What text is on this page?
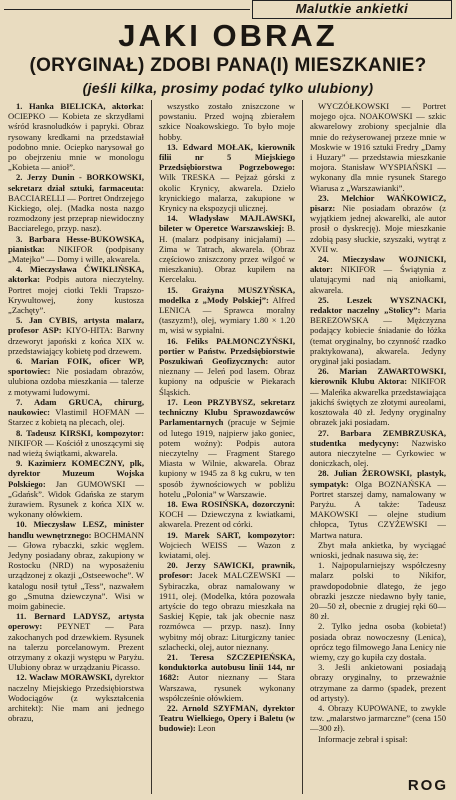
Malutkie ankietki
JAKI OBRAZ
(ORYGINAŁ) ZDOBI PANA(I) MIESZKANIE?
(jeśli kilka, prosimy podać tylko ulubiony)

1. Hanka BIELICKA, aktorka: OCIEPKO — Kobieta ze skrzydłami wśród krasnoludków i papryki. Obraz rysowany kredkami na przedstawiał podobno mnie. Ociepko narysował go po obejrzeniu mnie w monologu „Kobieta — anioł”.

2. Jerzy Dunin - BORKOWSKI, sekretarz dział sztuki, farmaceuta: BACCIARELLI — Portret Ondrzejego Kickiego, olej. (Madka nosta nazgo rozmodzony jest przeprap niewidoczny Bacciarelego, przyp. nasz).

3. Barbara Hesse-BUKOWSKA, pianistka: NIKIFOR (podpisany „Matejko” — Domy i wille, akwarela.

4. Mieczysława ĆWIKLIŃSKA, aktorka: Podpis autora nieczytelny. Portret mojej ciotki Tekli Trapszo-Krywultowej, żony kustosza „Zachęty”.

5. Jan CYBIS, artysta malarz, profesor ASP: KIYO-HITA: Barwny drzeworyt japoński z końca XIX w. przedstawiający kobietę pod drzewem.

6. Marian FOIK, oficer WP, sportowiec: Nie posiadam obrazów, ulubiona ozdoba mieszkania — talerze z motywami ludowymi.

7. Adam GRUCA, chirurg, naukowiec: Vlastimil HOFMAN — Starzec z kobietą na plecach, olej.

8. Tadeusz KIRSKI, kompozytor: NIKIFOR — Kościół z unoszącymi się nad wieżą świątkami, akwarela.

9. Kazimierz KOMECZNY, plk, dyrektor Muzeum Wojska Polskiego: Jan GUMOWSKI — „Gdańsk”. Widok Gdańska ze starym żurawiem. Rysunek z końca XIX w. wykonany ołówkiem.

10. Mieczysław LESZ, minister handlu wewnętrznego: BOCHMANN — Głowa rybaczki, szkic węglem. Jedyny posiadany obraz, zakupiony w Rostocku (NRD) na wyposażeniu urządzonej z okazji „Ostseewoche”. W katalogu nosił tytuł „Tess”, nazwałem go „Smutna dziewczyna”. Wisi w moim gabinecie.

11. Bernard LADYSZ, artysta operowy: PEYNET — Para zakochanych pod drzewkiem. Rysunek na talerzu porcelanowym. Prezent otrzymany z okazji występu w Paryżu. Ulubiony obraz w urządzaniu Picasso.

12. Wacław MORAWSKI, dyrektor naczelny Miejskiego Przedsiębiorstwa Wodociągów (z wykształcenia architekt): Nie mam ani jednego obrazu,

wszystko zostało zniszczone w powstaniu. Przed wojną zbierałem szkice Noakowskiego. To było moje hobby.

13. Edward MOŁAK, kierownik filii nr 5 Miejskiego Przedsiębiorstwa Pogrzebowego: Wilk TRESKA — Pejzaż górski z okolic Krynicy, akwarela. Dzieło krynickiego malarza, zakupione w Krynicy na ekspozycji ulicznej.

14. Władysław MAJLAWSKI, bileter w Operetce Warszawskiej: B. H. (malarz podpisany inicjałami) — Zima w Tatrach, akwarela. (Obraz częściowo zniszczony przez wilgoć w mieszkaniu). Obraz kupiłem na Kercelaku.

15. Grażyna MUSZYŃSKA, modelka z „Mody Polskiej”: Alfred LENICA — Sprawca moralny (taszyzm!), olej, wymiary 1.80 × 1.20 m, wisi w sypialni.

16. Feliks PAŁMONCZYŃSKI, portier w Państw. Przedsiębiorstwie Poszukiwań Geofizycznych: autor nieznany — Jeleń pod lasem. Obraz kupiony na odpuście w Piekarach Śląskich.

17. Leon PRZYBYSZ, sekretarz techniczny Klubu Sprawozdawców Parlamentarnych (pracuje w Sejmie od lutego 1919, najpierw jako goniec, potem woźny): Podpis autora nieczytelny — Fragment Starego Miasta w Wilnie, akwarela. Obraz kupiony w 1945 za 8 kg cukru, w ten sposób żywnościowych w pobliżu hotelu „Polonia” w Warszawie.

18. Ewa ROSIŃSKA, dozorczyni: KOCH — Dziewczyna z kwiatkami, akwarela. Prezent od córki.

19. Marek SART, kompozytor: Wojciech WEISS — Wazon z kwiatami, olej.

20. Jerzy SAWICKI, prawnik, profesor: Jacek MALCZEWSKI — Sybiraczka, obraz namalowany w 1911, olej. (Modelka, która pozowała artyście do tego obrazu mieszkała na Saskiej Kępie, tak jak obecnie nasz rozmówca — przyp. nasz). Inny wybitny mój obraz: Liturgiczny taniec szlachecki, olej, autor nieznany.

21. Teresa SZCZEPIEŃSKA, konduktorka autobusu linii 144, nr 1682: Autor nieznany — Stara Warszawa, rysunek wykonany współcześnie ołówkiem.

22. Arnold SZYFMAN, dyrektor Teatru Wielkiego, Opery i Baletu (w budowie): Leon

WYCZÓŁKOWSKI — Portret mojego ojca. NOAKOWSKI — szkic akwarelowy zrobiony specjalnie dla mnie do reżyserowanej przeze mnie w Moskwie w 1916 sztuki Fredry „Damy i Huzary” — przedstawia mieszkanie mojora. Stanisław WYSPIAŃSKI — wykonany dla mnie rysunek Starego Wiarusa z „Warszawianki”.

23. Melchior WAŃKOWICZ, pisarz: Nie posiadam obrazów (z wyjątkiem jednej akwarelki, ale autor prosił o dyskrecję). Moje mieszkanie zdobią pasy słuckie, szyszaki, wytrąt z XVII w.

24. Mieczysław WOJNICKI, aktor: NIKIFOR — Świątynia z ulatującymi nad nią aniołkami, akwarela.

25. Leszek WYSZNACKI, redaktor naczelny „Stolicy”: Maria BEREZOWSKA — Mężczyzna podający kobiecie śniadanie do łóżka (temat oryginalny, bo czynność rzadko praktykowana), akwarela. Jedyny oryginał jaki posiadam.

26. Marian ZAWARTOWSKI, kierownik Klubu Aktora: NIKIFOR — Maleńka akwarelka przedstawiająca jakichś świętych ze złotymi aureolami, kosztowała 40 zł. Jedyny oryginalny obrazek jaki posiadam.

27. Barbara ZEMBRZUSKA, studentka medycyny: Nazwisko autora nieczytelne — Cyrkowiec w doniczkach, olej.

28. Julian ŻEROWSKI, plastyk, sympatyk: Olga BOZNAŃSKA — Portret starszej damy, namalowany w Paryżu. A także: Tadeusz MAKOWSKI — olejne studium chłopca, Tytus CZYŻEWSKI — Martwa natura.

Zbyt mała ankietka, by wyciągać wnioski, jednak nasuwa się, że:

1. Najpopularniejszy współczesny malarz polski to Nikifor, prawdopodobnie dlatego, że jego obrazki jeszcze niedawno były tanie, 20—50 zł, obecnie z drugiej ręki 60—80 zł.

2. Tylko jedna osoba (kobieta!) posiada obraz nowoczesny (Lenica), oprócz tego filmowego Jana Lenicy nie wiemy, czy go kupiła czy dostała.

3. Jeśli ankietowani posiadają obrazy oryginalny, to przeważnie otrzymane za darmo (spadek, prezent od artysty).

4. Obrazy KUPOWANE, to zwykle tzw. „malarstwo jarmarczne” (cena 150—300 zł).

Informacje zebrał i spisał:

ROG
